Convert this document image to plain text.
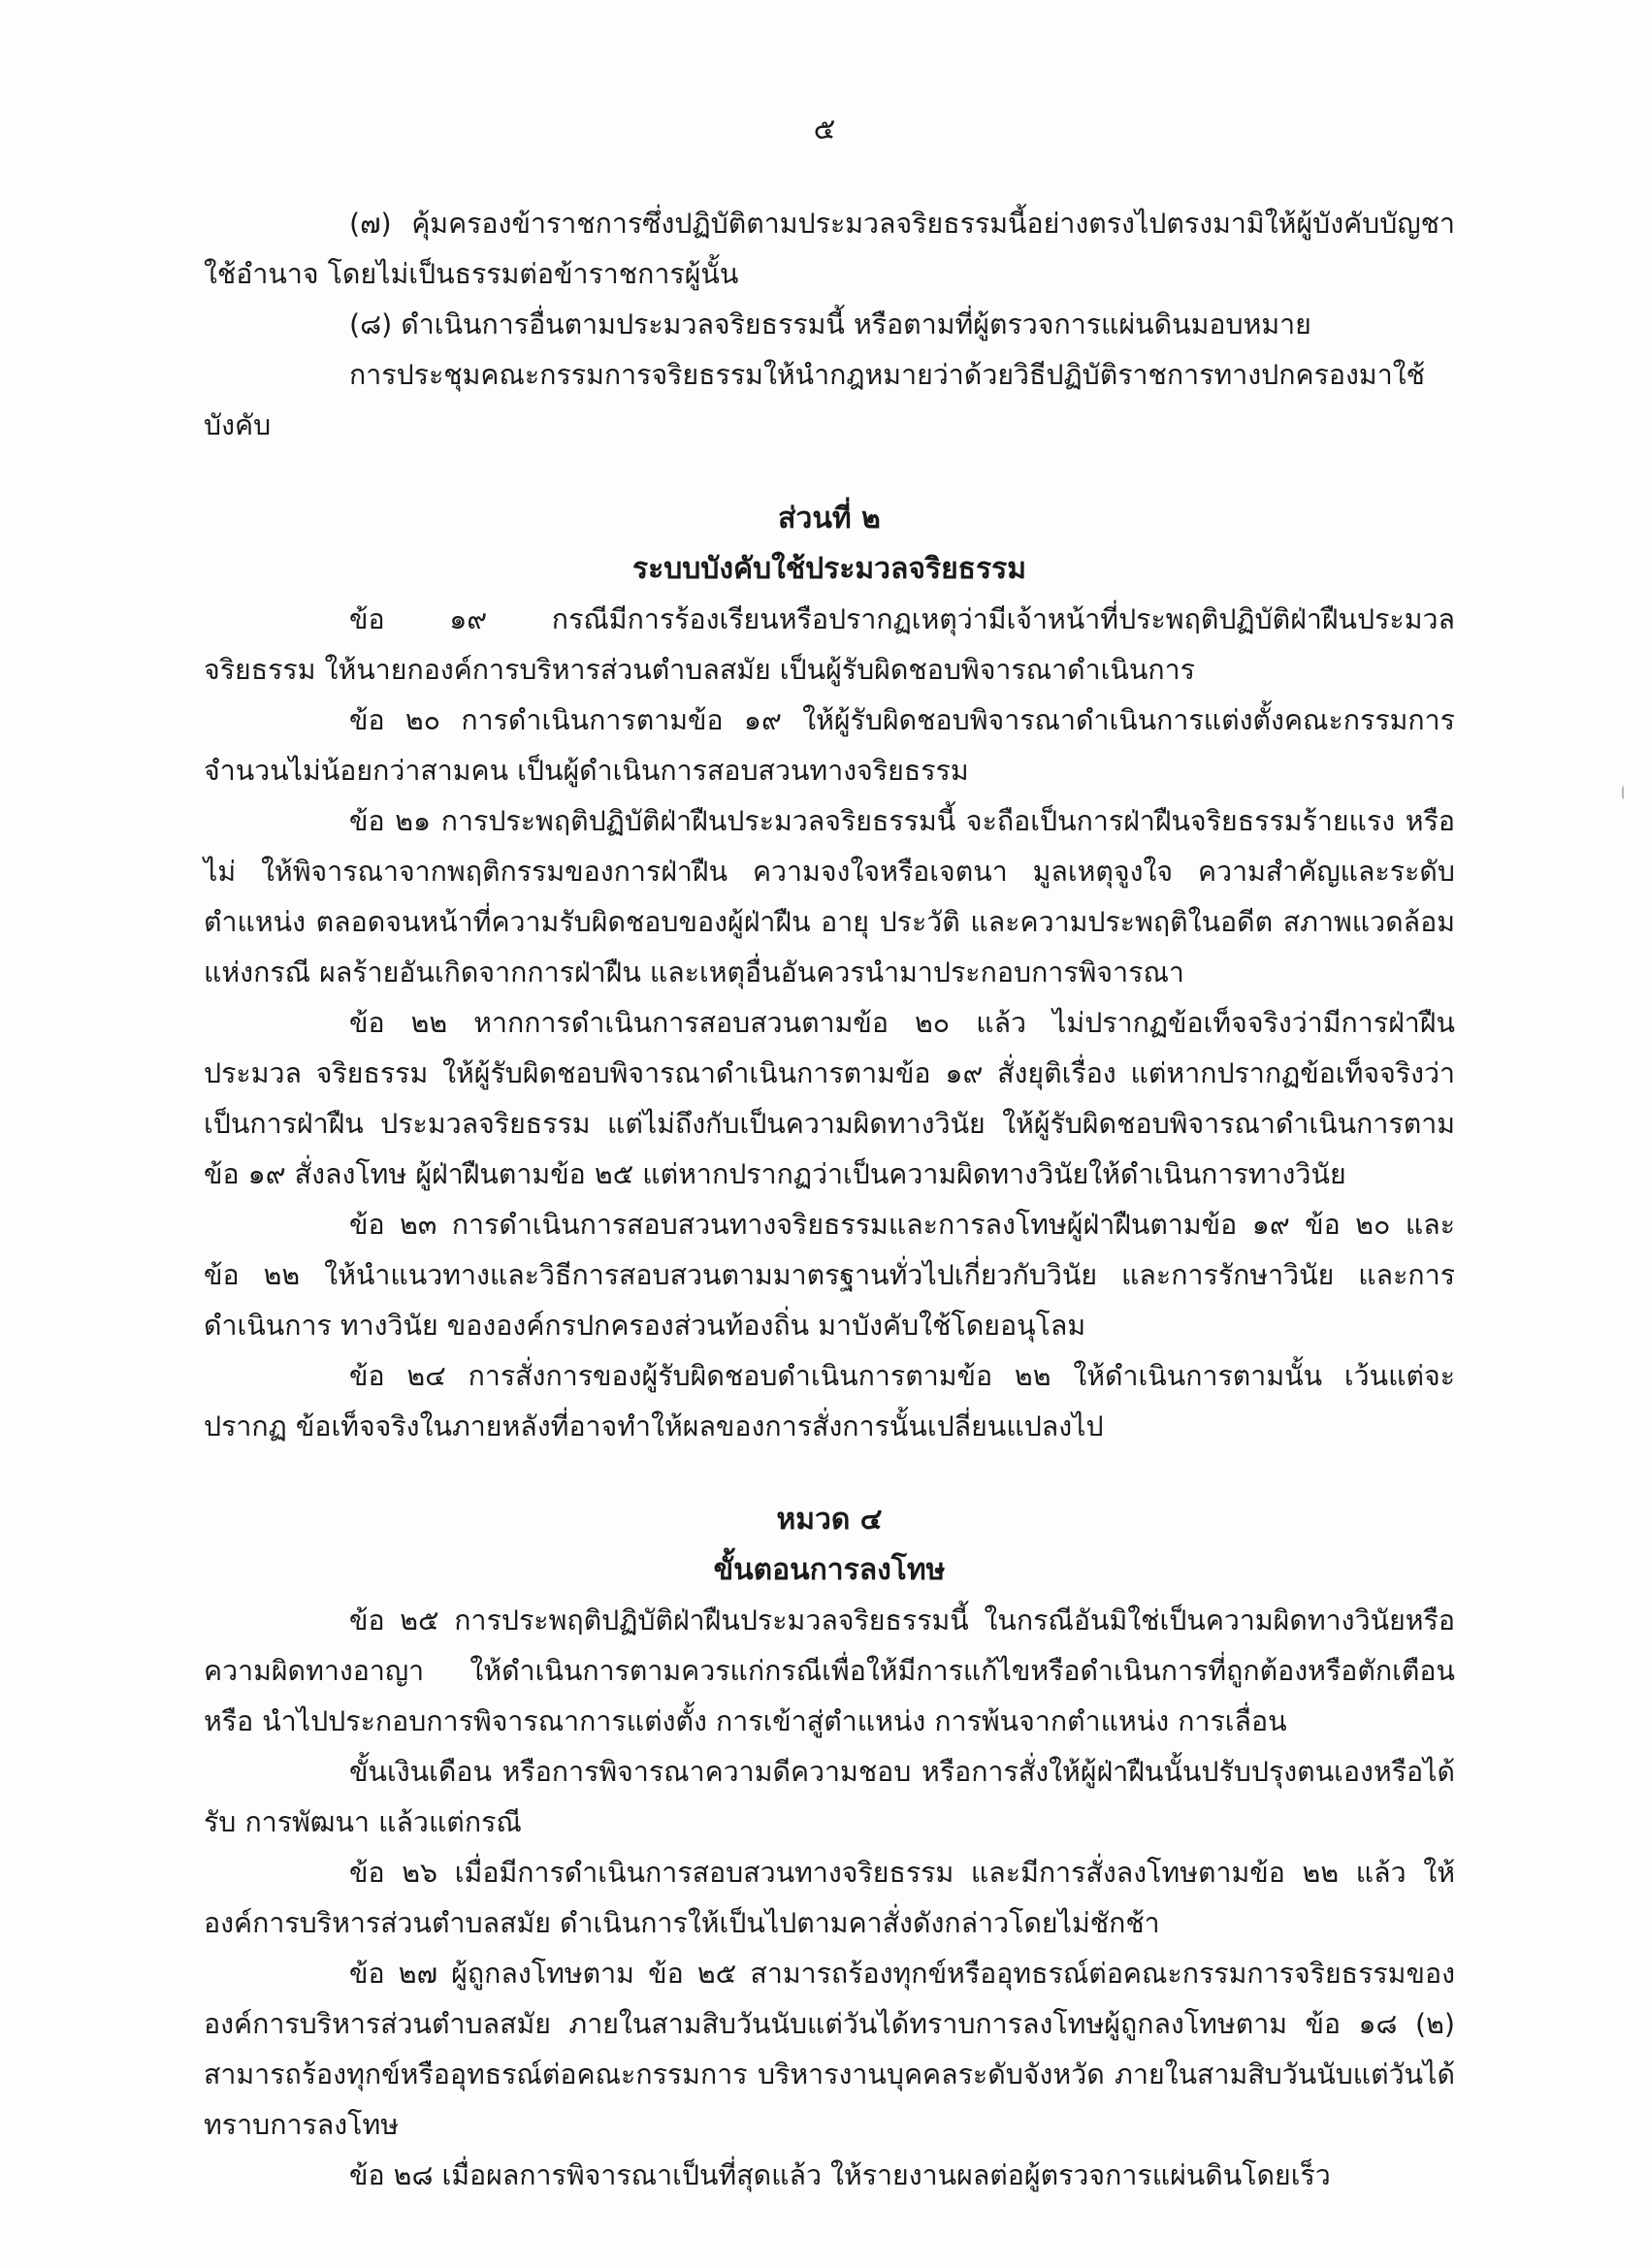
๕

(๗) คุ้มครองข้าราชการซึ่งปฏิบัติตามประมวลจริยธรรมนี้อย่างตรงไปตรงมามิให้ผู้บังคับบัญชาใช้อำนาจ โดยไม่เป็นธรรมต่อข้าราชการผู้นั้น

(๘) ดำเนินการอื่นตามประมวลจริยธรรมนี้ หรือตามที่ผู้ตรวจการแผ่นดินมอบหมาย

การประชุมคณะกรรมการจริยธรรมให้นำกฎหมายว่าด้วยวิธีปฏิบัติราชการทางปกครองมาใช้บังคับ

ส่วนที่ ๒
ระบบบังคับใช้ประมวลจริยธรรม

ข้อ ๑๙ กรณีมีการร้องเรียนหรือปรากฏเหตุว่ามีเจ้าหน้าที่ประพฤติปฏิบัติฝ่าฝืนประมวลจริยธรรม ให้นายกองค์การบริหารส่วนตำบลสมัย เป็นผู้รับผิดชอบพิจารณาดำเนินการ

ข้อ ๒๐ การดำเนินการตามข้อ ๑๙ ให้ผู้รับผิดชอบพิจารณาดำเนินการแต่งตั้งคณะกรรมการ จำนวนไม่น้อยกว่าสามคน เป็นผู้ดำเนินการสอบสวนทางจริยธรรม

ข้อ ๒๑ การประพฤติปฏิบัติฝ่าฝืนประมวลจริยธรรมนี้ จะถือเป็นการฝ่าฝืนจริยธรรมร้ายแรง หรือไม่ ให้พิจารณาจากพฤติกรรมของการฝ่าฝืน ความจงใจหรือเจตนา มูลเหตุจูงใจ ความสำคัญและระดับ ตำแหน่ง ตลอดจนหน้าที่ความรับผิดชอบของผู้ฝ่าฝืน อายุ ประวัติ และความประพฤติในอดีต สภาพแวดล้อม แห่งกรณี ผลร้ายอันเกิดจากการฝ่าฝืน และเหตุอื่นอันควรนำมาประกอบการพิจารณา

ข้อ ๒๒ หากการดำเนินการสอบสวนตามข้อ ๒๐ แล้ว ไม่ปรากฏข้อเท็จจริงว่ามีการฝ่าฝืนประมวล จริยธรรม ให้ผู้รับผิดชอบพิจารณาดำเนินการตามข้อ ๑๙ สั่งยุติเรื่อง แต่หากปรากฏข้อเท็จจริงว่าเป็นการฝ่าฝืน ประมวลจริยธรรม แต่ไม่ถึงกับเป็นความผิดทางวินัย ให้ผู้รับผิดชอบพิจารณาดำเนินการตามข้อ ๑๙ สั่งลงโทษ ผู้ฝ่าฝืนตามข้อ ๒๕ แต่หากปรากฏว่าเป็นความผิดทางวินัยให้ดำเนินการทางวินัย

ข้อ ๒๓ การดำเนินการสอบสวนทางจริยธรรมและการลงโทษผู้ฝ่าฝืนตามข้อ ๑๙ ข้อ ๒๐ และ ข้อ ๒๒ ให้นำแนวทางและวิธีการสอบสวนตามมาตรฐานทั่วไปเกี่ยวกับวินัย และการรักษาวินัย และการดำเนินการ ทางวินัย ขององค์กรปกครองส่วนท้องถิ่น มาบังคับใช้โดยอนุโลม

ข้อ ๒๔ การสั่งการของผู้รับผิดชอบดำเนินการตามข้อ ๒๒ ให้ดำเนินการตามนั้น เว้นแต่จะปรากฏ ข้อเท็จจริงในภายหลังที่อาจทำให้ผลของการสั่งการนั้นเปลี่ยนแปลงไป

หมวด ๔
ขั้นตอนการลงโทษ

ข้อ ๒๕ การประพฤติปฏิบัติฝ่าฝืนประมวลจริยธรรมนี้ ในกรณีอันมิใช่เป็นความผิดทางวินัยหรือ ความผิดทางอาญา ให้ดำเนินการตามควรแก่กรณีเพื่อให้มีการแก้ไขหรือดำเนินการที่ถูกต้องหรือตักเตือน หรือ นำไปประกอบการพิจารณาการแต่งตั้ง การเข้าสู่ตำแหน่ง การพ้นจากตำแหน่ง การเลื่อน

ขั้นเงินเดือน หรือการพิจารณาความดีความชอบ หรือการสั่งให้ผู้ฝ่าฝืนนั้นปรับปรุงตนเองหรือได้รับ การพัฒนา แล้วแต่กรณี

ข้อ ๒๖ เมื่อมีการดำเนินการสอบสวนทางจริยธรรม และมีการสั่งลงโทษตามข้อ ๒๒ แล้ว ให้ องค์การบริหารส่วนตำบลสมัย ดำเนินการให้เป็นไปตามคาสั่งดังกล่าวโดยไม่ชักช้า

ข้อ ๒๗ ผู้ถูกลงโทษตาม ข้อ ๒๕ สามารถร้องทุกข์หรืออุทธรณ์ต่อคณะกรรมการจริยธรรมของ องค์การบริหารส่วนตำบลสมัย ภายในสามสิบวันนับแต่วันได้ทราบการลงโทษผู้ถูกลงโทษตาม ข้อ ๑๘ (๒) สามารถร้องทุกข์หรืออุทธรณ์ต่อคณะกรรมการ บริหารงานบุคคลระดับจังหวัด ภายในสามสิบวันนับแต่วันได้ ทราบการลงโทษ

ข้อ ๒๘ เมื่อผลการพิจารณาเป็นที่สุดแล้ว ให้รายงานผลต่อผู้ตรวจการแผ่นดินโดยเร็ว
